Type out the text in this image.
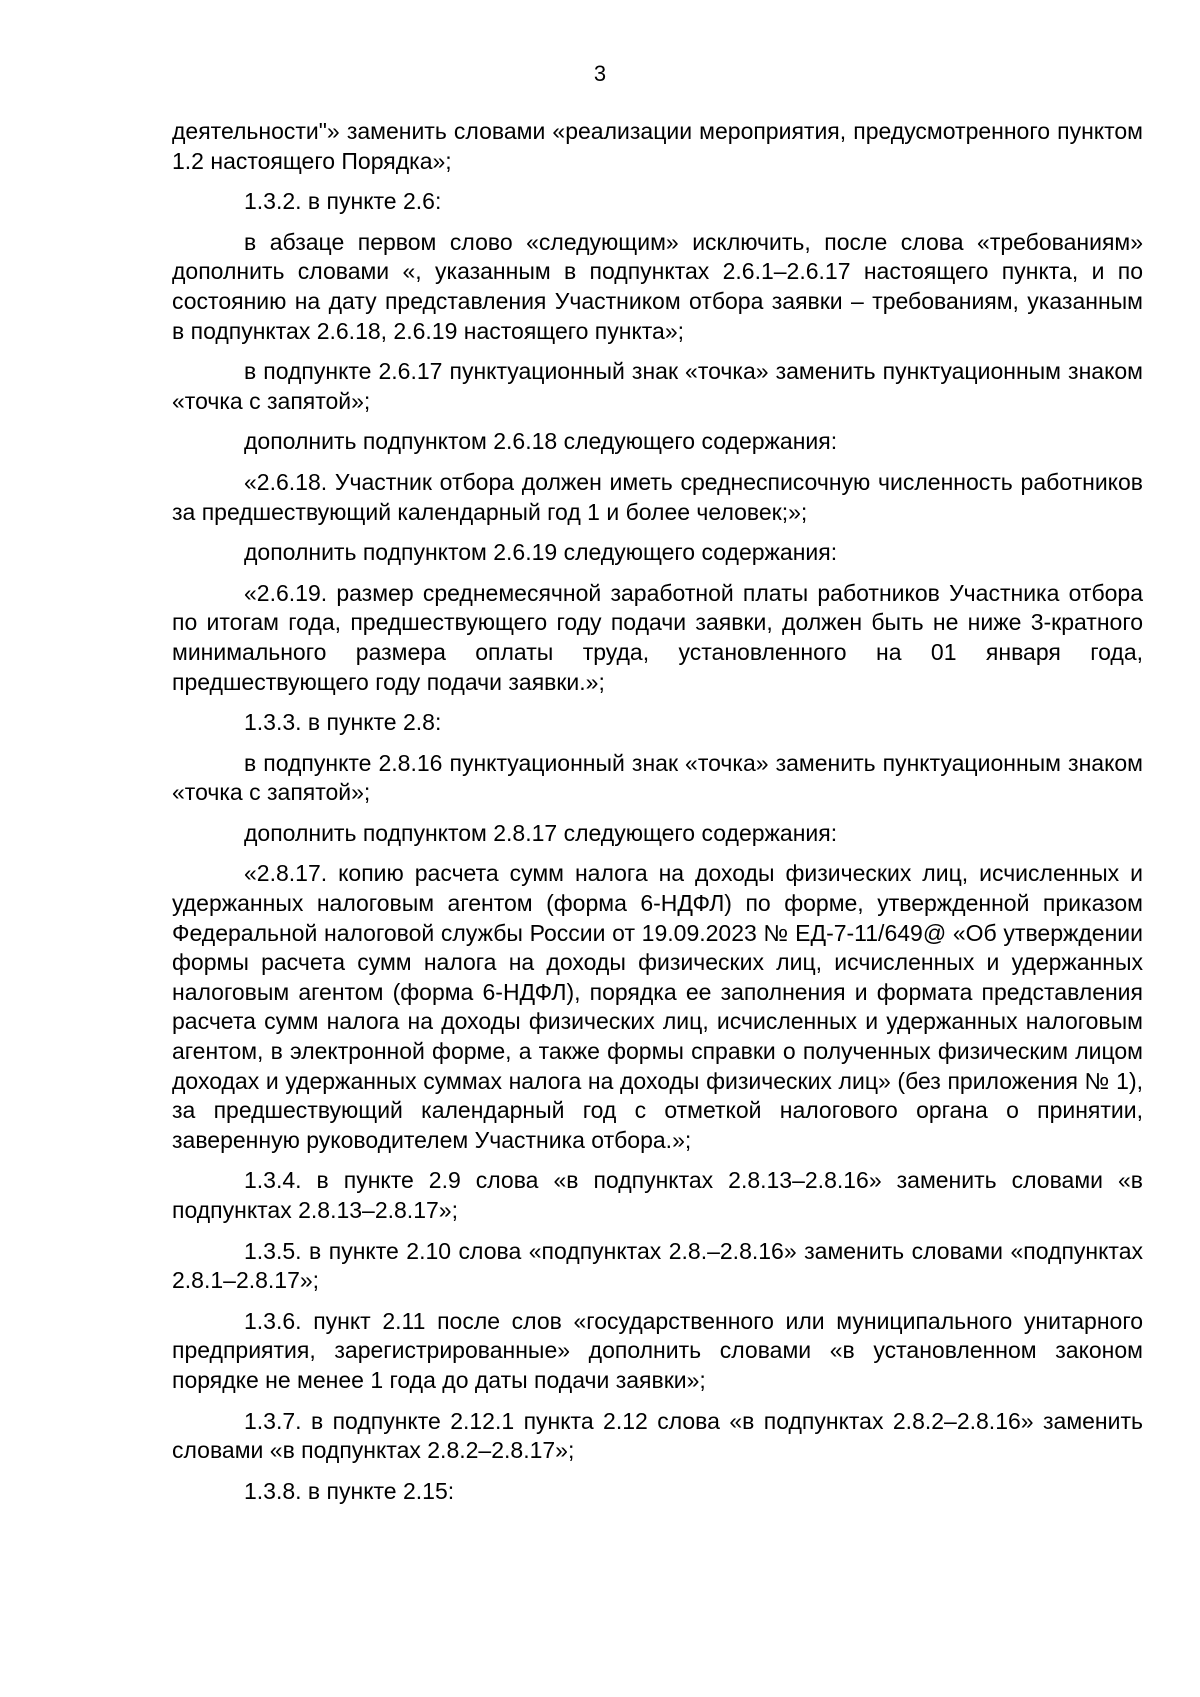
3

деятельности"» заменить словами «реализации мероприятия, предусмотренного пунктом 1.2 настоящего Порядка»;

1.3.2. в пункте 2.6:

в абзаце первом слово «следующим» исключить, после слова «требованиям» дополнить словами «, указанным в подпунктах 2.6.1–2.6.17 настоящего пункта, и по состоянию на дату представления Участником отбора заявки – требованиям, указанным в подпунктах 2.6.18, 2.6.19 настоящего пункта»;

в подпункте 2.6.17 пунктуационный знак «точка» заменить пунктуационным знаком «точка с запятой»;

дополнить подпунктом 2.6.18 следующего содержания:

«2.6.18. Участник отбора должен иметь среднесписочную численность работников за предшествующий календарный год 1 и более человек;»;

дополнить подпунктом 2.6.19 следующего содержания:

«2.6.19. размер среднемесячной заработной платы работников Участника отбора по итогам года, предшествующего году подачи заявки, должен быть не ниже 3-кратного минимального размера оплаты труда, установленного на 01 января года, предшествующего году подачи заявки.»;

1.3.3. в пункте 2.8:

в подпункте 2.8.16 пунктуационный знак «точка» заменить пунктуационным знаком «точка с запятой»;

дополнить подпунктом 2.8.17 следующего содержания:

«2.8.17. копию расчета сумм налога на доходы физических лиц, исчисленных и удержанных налоговым агентом (форма 6-НДФЛ) по форме, утвержденной приказом Федеральной налоговой службы России от 19.09.2023 № ЕД-7-11/649@ «Об утверждении формы расчета сумм налога на доходы физических лиц, исчисленных и удержанных налоговым агентом (форма 6-НДФЛ), порядка ее заполнения и формата представления расчета сумм налога на доходы физических лиц, исчисленных и удержанных налоговым агентом, в электронной форме, а также формы справки о полученных физическим лицом доходах и удержанных суммах налога на доходы физических лиц» (без приложения № 1), за предшествующий календарный год с отметкой налогового органа о принятии, заверенную руководителем Участника отбора.»;

1.3.4. в пункте 2.9 слова «в подпунктах 2.8.13–2.8.16» заменить словами «в подпунктах 2.8.13–2.8.17»;

1.3.5. в пункте 2.10 слова «подпунктах 2.8.–2.8.16» заменить словами «подпунктах 2.8.1–2.8.17»;

1.3.6. пункт 2.11 после слов «государственного или муниципального унитарного предприятия, зарегистрированные» дополнить словами «в установленном законом порядке не менее 1 года до даты подачи заявки»;

1.3.7. в подпункте 2.12.1 пункта 2.12 слова «в подпунктах 2.8.2–2.8.16» заменить словами «в подпунктах 2.8.2–2.8.17»;

1.3.8. в пункте 2.15:
